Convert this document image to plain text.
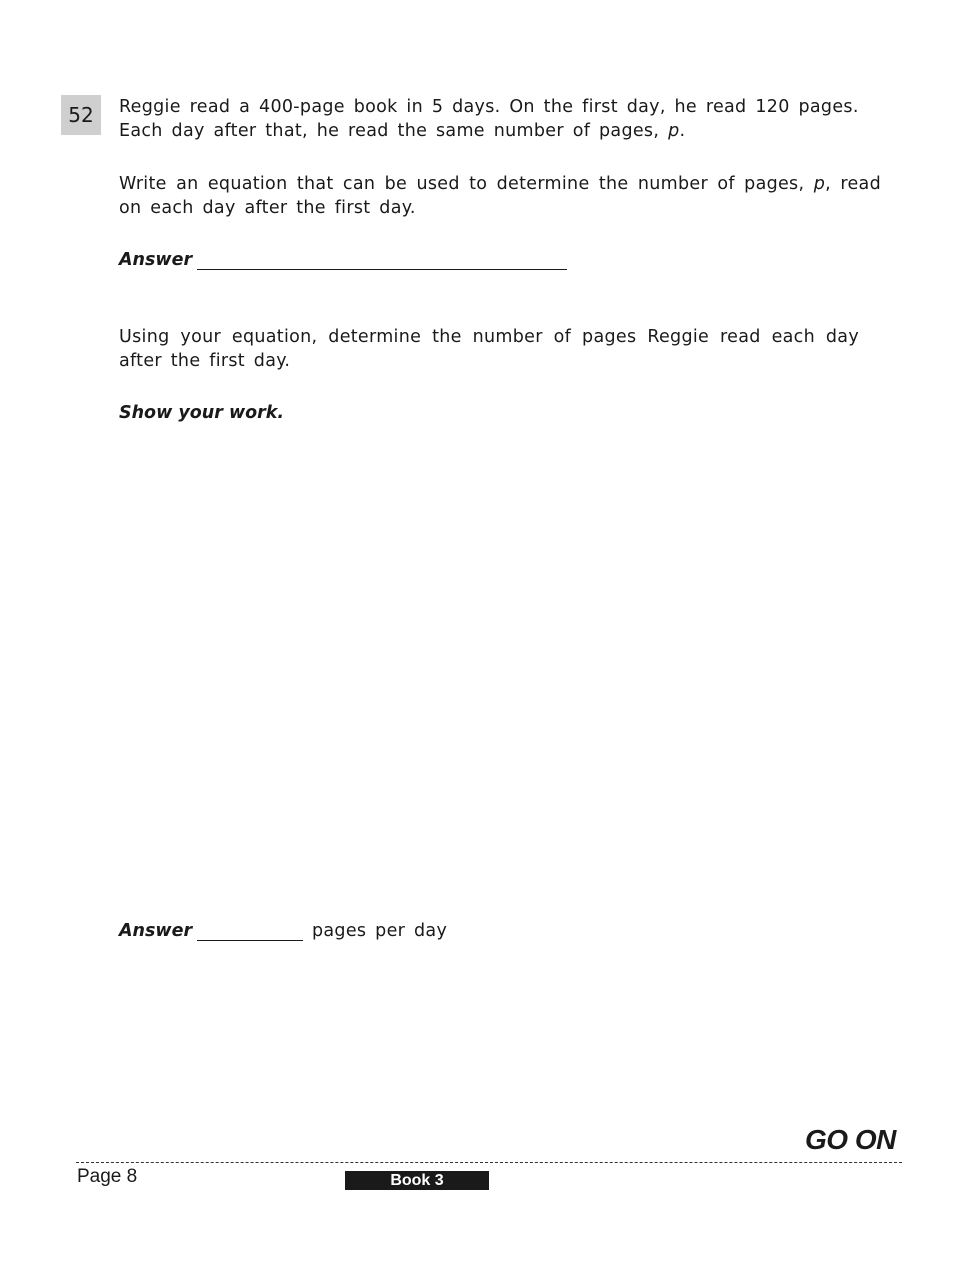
52	Reggie read a 400-page book in 5 days. On the first day, he read 120 pages.
Each day after that, he read the same number of pages, p.

Write an equation that can be used to determine the number of pages, p, read on each day after the first day.

Answer

Using your equation, determine the number of pages Reggie read each day after the first day.

Show your work.

Answer	pages per day

GO ON
Page 8	Book 3
